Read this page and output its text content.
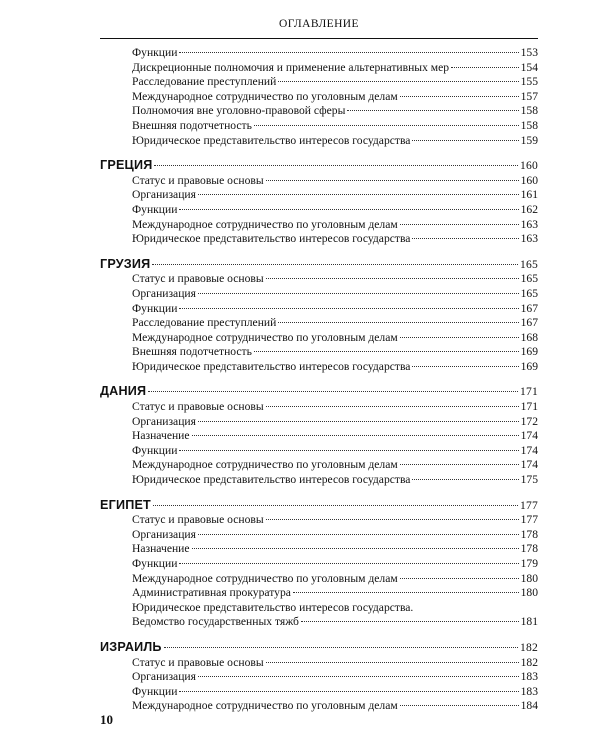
ОГЛАВЛЕНИЕ
Функции	153
Дискреционные полномочия и применение альтернативных мер	154
Расследование преступлений	155
Международное сотрудничество по уголовным делам	157
Полномочия вне уголовно-правовой сферы	158
Внешняя подотчетность	158
Юридическое представительство интересов государства	159
ГРЕЦИЯ	160
Статус и правовые основы	160
Организация	161
Функции	162
Международное сотрудничество по уголовным делам	163
Юридическое представительство интересов государства	163
ГРУЗИЯ	165
Статус и правовые основы	165
Организация	165
Функции	167
Расследование преступлений	167
Международное сотрудничество по уголовным делам	168
Внешняя подотчетность	169
Юридическое представительство интересов государства	169
ДАНИЯ	171
Статус и правовые основы	171
Организация	172
Назначение	174
Функции	174
Международное сотрудничество по уголовным делам	174
Юридическое представительство интересов государства	175
ЕГИПЕТ	177
Статус и правовые основы	177
Организация	178
Назначение	178
Функции	179
Международное сотрудничество по уголовным делам	180
Административная прокуратура	180
Юридическое представительство интересов государства.
Ведомство государственных тяжб	181
ИЗРАИЛЬ	182
Статус и правовые основы	182
Организация	183
Функции	183
Международное сотрудничество по уголовным делам	184
10
